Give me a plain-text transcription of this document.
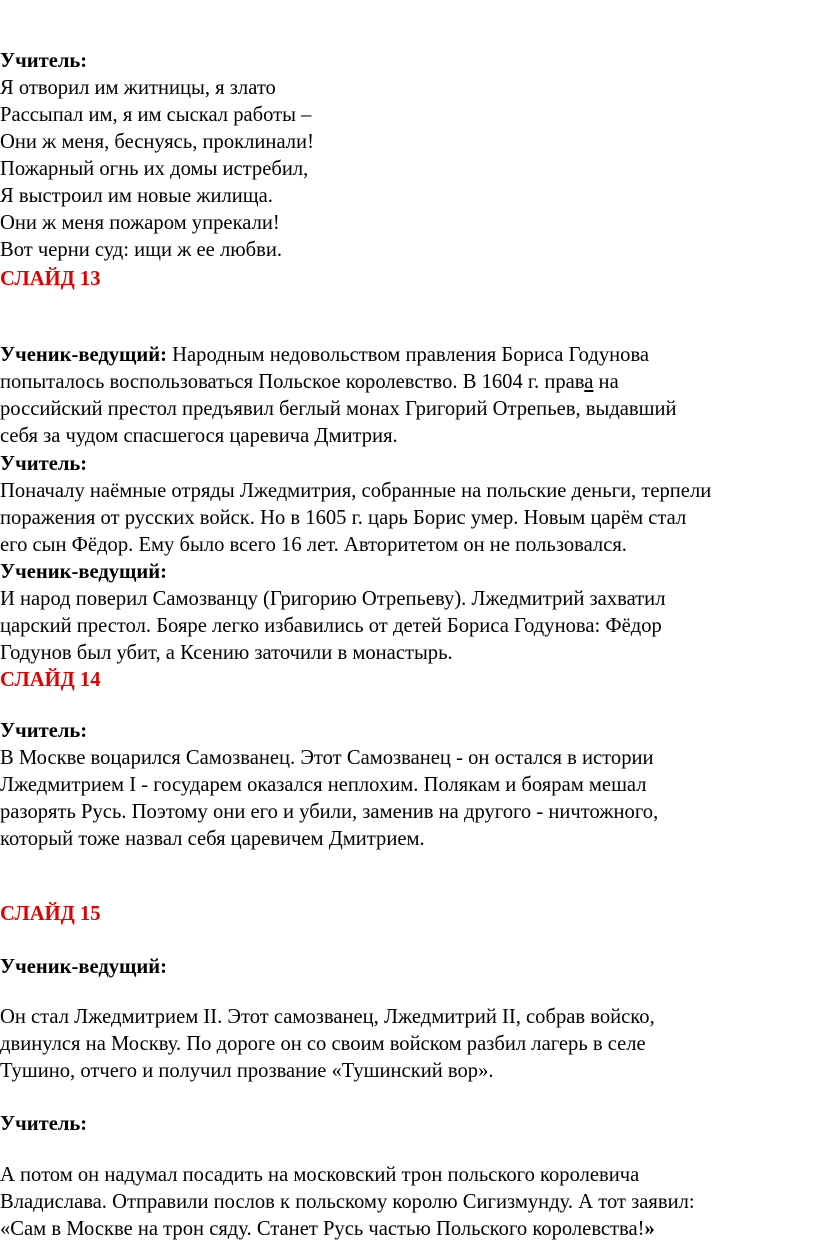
Учитель:
Я отворил им житницы, я злато
Рассыпал им, я им сыскал работы –
Они ж меня, беснуясь, проклинали!
Пожарный огнь их домы истребил,
Я выстроил им новые жилища.
Они ж меня пожаром упрекали!
Вот черни суд: ищи ж ее любви.
СЛАЙД 13
Ученик-ведущий: Народным недовольством правления Бориса Годунова
попыталось воспользоваться Польское королевство. В 1604 г. права на
российский престол предъявил беглый монах Григорий Отрепьев, выдавший
себя за чудом спасшегося царевича Дмитрия.
Учитель:
Поначалу наёмные отряды Лжедмитрия, собранные на польские деньги, терпели
поражения от русских войск. Но в 1605 г. царь Борис умер. Новым царём стал
его сын Фёдор. Ему было всего 16 лет. Авторитетом он не пользовался.
Ученик-ведущий:
И народ поверил Самозванцу (Григорию Отрепьеву). Лжедмитрий захватил
царский престол. Бояре легко избавились от детей Бориса Годунова: Фёдор
Годунов был убит, а Ксению заточили в монастырь.
СЛАЙД 14
Учитель:
В Москве воцарился Самозванец. Этот Самозванец - он остался в истории
Лжедмитрием I - государем оказался неплохим. Полякам и боярам мешал
разорять Русь. Поэтому они его и убили, заменив на другого - ничтожного,
который тоже назвал себя царевичем Дмитрием.
СЛАЙД 15
Ученик-ведущий:
Он стал Лжедмитрием II. Этот самозванец, Лжедмитрий II, собрав войско,
двинулся на Москву. По дороге он со своим войском разбил лагерь в селе
Тушино, отчего и получил прозвание «Тушинский вор».
Учитель:
А потом он надумал посадить на московский трон польского королевича
Владислава. Отправили послов к польскому королю Сигизмунду. А тот заявил:
«Сам в Москве на трон сяду. Станет Русь частью Польского королевства!»
